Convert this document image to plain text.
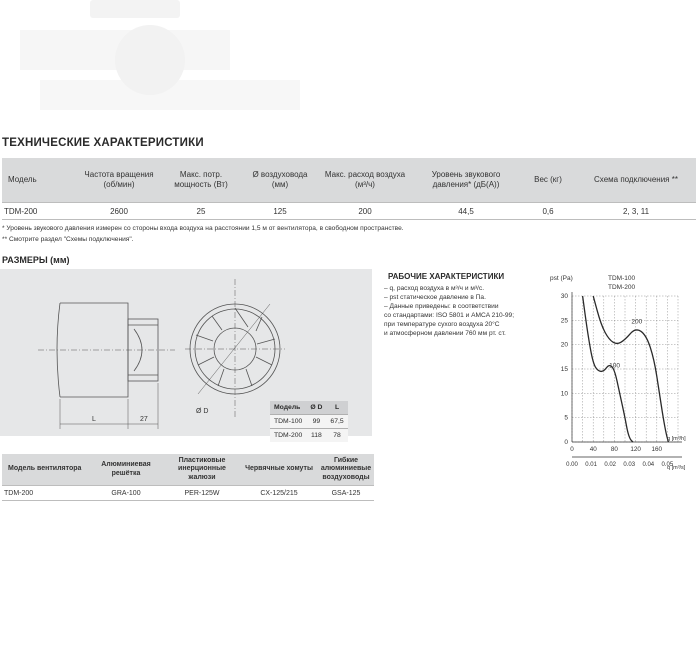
ТЕХНИЧЕСКИЕ ХАРАКТЕРИСТИКИ
Модель	Частота вращения (об/мин)	Макс. потр. мощность (Вт)	Ø воздуховода (мм)	Макс. расход воздуха (м³/ч)	Уровень звукового давления* (дБ(А))	Вес (кг)	Схема подключения **
TDM-200	2600	25	125	200	44,5	0,6	2, 3, 11
* Уровень звукового давления измерен со стороны входа воздуха на расстоянии 1,5 м от вентилятора, в свободном пространстве.
** Смотрите раздел "Схемы подключения".
РАЗМЕРЫ (мм)
L	27
Ø D
Модель	Ø D	L
TDM-100	99	67,5
TDM-200	118	78
Модель вентилятора	Алюминиевая решётка	Пластиковые инерционные жалюзи	Червячные хомуты	Гибкие алюминиевые воздуховоды
TDM-200	GRA-100	PER-125W	CX-125/215	GSA-125
РАБОЧИЕ ХАРАКТЕРИСТИКИ
– q, расход воздуха в м³/ч и м³/с.
– pst статическое давление в Па.
– Данные приведены: в соответствии
со стандартами: ISO 5801 и AMCA 210-99;
при температуре сухого воздуха 20°С
и атмосферном давлении 760 мм рт. ст.
pst (Pa)	TDM-100
TDM-200
0
5
10
15
20
25
30
0	40 80 120 160
0.00 0.01 0.02 0.03 0.04 0.05
100
200
q [m³/h]
q [m³/s]
